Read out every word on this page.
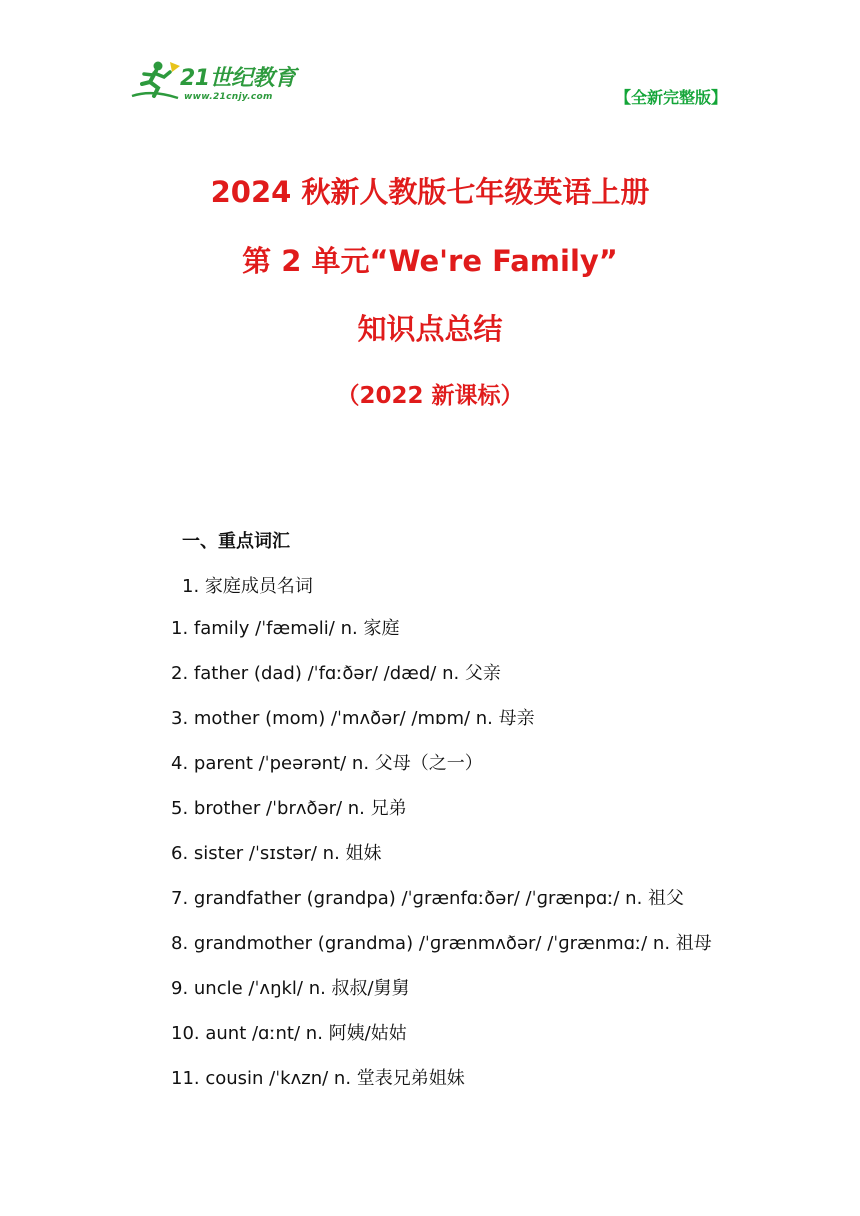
21世纪教育
www.21cnjy.com	【全新完整版】
2024 秋新人教版七年级英语上册
第 2 单元“We're Family”
知识点总结
（2022 新课标）
一、重点词汇
1. 家庭成员名词
1. family /ˈfæməli/ n. 家庭
2. father (dad) /ˈfɑːðər/ /dæd/ n. 父亲
3. mother (mom) /ˈmʌðər/ /mɒm/ n. 母亲
4. parent /ˈpeərənt/ n. 父母（之一）
5. brother /ˈbrʌðər/ n. 兄弟
6. sister /ˈsɪstər/ n. 姐妹
7. grandfather (grandpa) /ˈɡrænfɑːðər/ /ˈɡrænpɑː/ n. 祖父
8. grandmother (grandma) /ˈɡrænmʌðər/ /ˈɡrænmɑː/ n. 祖母
9. uncle /ˈʌŋkl/ n. 叔叔/舅舅
10. aunt /ɑːnt/ n. 阿姨/姑姑
11. cousin /ˈkʌzn/ n. 堂表兄弟姐妹
